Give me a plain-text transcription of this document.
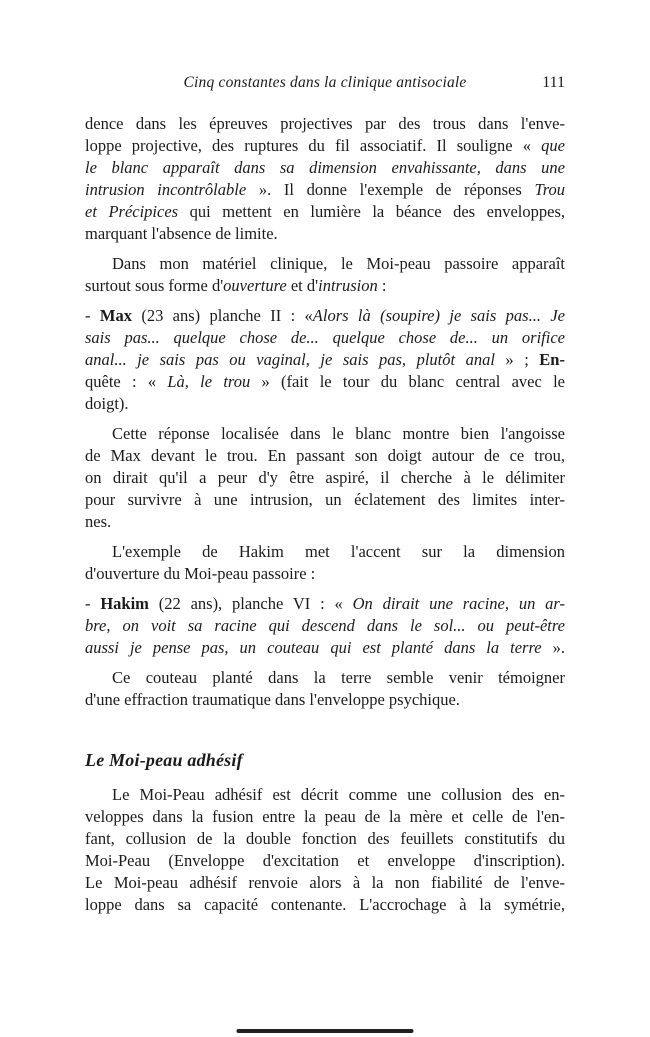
Cinq constantes dans la clinique antisociale	111
dence dans les épreuves projectives par des trous dans l'enve-
loppe projective, des ruptures du fil associatif. Il souligne « que
le blanc apparaît dans sa dimension envahissante, dans une
intrusion incontrôlable ». Il donne l'exemple de réponses Trou
et Précipices qui mettent en lumière la béance des enveloppes,
marquant l'absence de limite.
Dans mon matériel clinique, le Moi-peau passoire apparaît
surtout sous forme d'ouverture et d'intrusion :
- Max (23 ans) planche II : «Alors là (soupire) je sais pas... Je
sais pas... quelque chose de... quelque chose de... un orifice
anal... je sais pas ou vaginal, je sais pas, plutôt anal » ; En-
quête : « Là, le trou » (fait le tour du blanc central avec le
doigt).
Cette réponse localisée dans le blanc montre bien l'angoisse
de Max devant le trou. En passant son doigt autour de ce trou,
on dirait qu'il a peur d'y être aspiré, il cherche à le délimiter
pour survivre à une intrusion, un éclatement des limites inter-
nes.
L'exemple de Hakim met l'accent sur la dimension
d'ouverture du Moi-peau passoire :
- Hakim (22 ans), planche VI : « On dirait une racine, un ar-
bre, on voit sa racine qui descend dans le sol... ou peut-être
aussi je pense pas, un couteau qui est planté dans la terre ».
Ce couteau planté dans la terre semble venir témoigner
d'une effraction traumatique dans l'enveloppe psychique.
Le Moi-peau adhésif
Le Moi-Peau adhésif est décrit comme une collusion des en-
veloppes dans la fusion entre la peau de la mère et celle de l'en-
fant, collusion de la double fonction des feuillets constitutifs du
Moi-Peau (Enveloppe d'excitation et enveloppe d'inscription).
Le Moi-peau adhésif renvoie alors à la non fiabilité de l'enve-
loppe dans sa capacité contenante. L'accrochage à la symétrie,
